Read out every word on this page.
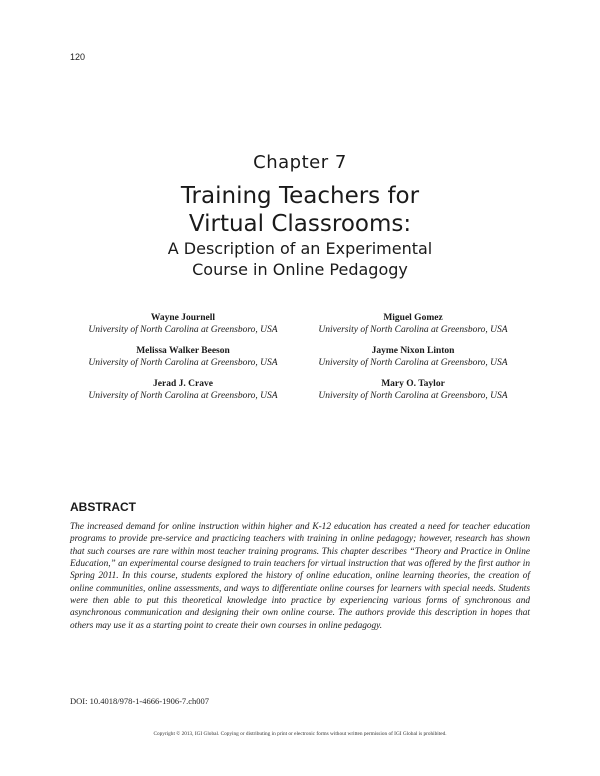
120
Chapter 7
Training Teachers for
Virtual Classrooms:
A Description of an Experimental
Course in Online Pedagogy
Wayne Journell
University of North Carolina at Greensboro, USA
Miguel Gomez
University of North Carolina at Greensboro, USA
Melissa Walker Beeson
University of North Carolina at Greensboro, USA
Jayme Nixon Linton
University of North Carolina at Greensboro, USA
Jerad J. Crave
University of North Carolina at Greensboro, USA
Mary O. Taylor
University of North Carolina at Greensboro, USA
ABSTRACT

The increased demand for online instruction within higher and K-12 education has created a need for teacher education programs to provide pre-service and practicing teachers with training in online pedagogy; however, research has shown that such courses are rare within most teacher training programs. This chapter describes “Theory and Practice in Online Education,” an experimental course designed to train teachers for virtual instruction that was offered by the first author in Spring 2011. In this course, students explored the history of online education, online learning theories, the creation of online communities, online assessments, and ways to differentiate online courses for learners with special needs. Students were then able to put this theoretical knowledge into practice by experiencing various forms of synchronous and asynchronous communication and designing their own online course. The authors provide this description in hopes that others may use it as a starting point to create their own courses in online pedagogy.

DOI: 10.4018/978-1-4666-1906-7.ch007
Copyright © 2013, IGI Global. Copying or distributing in print or electronic forms without written permission of IGI Global is prohibited.
